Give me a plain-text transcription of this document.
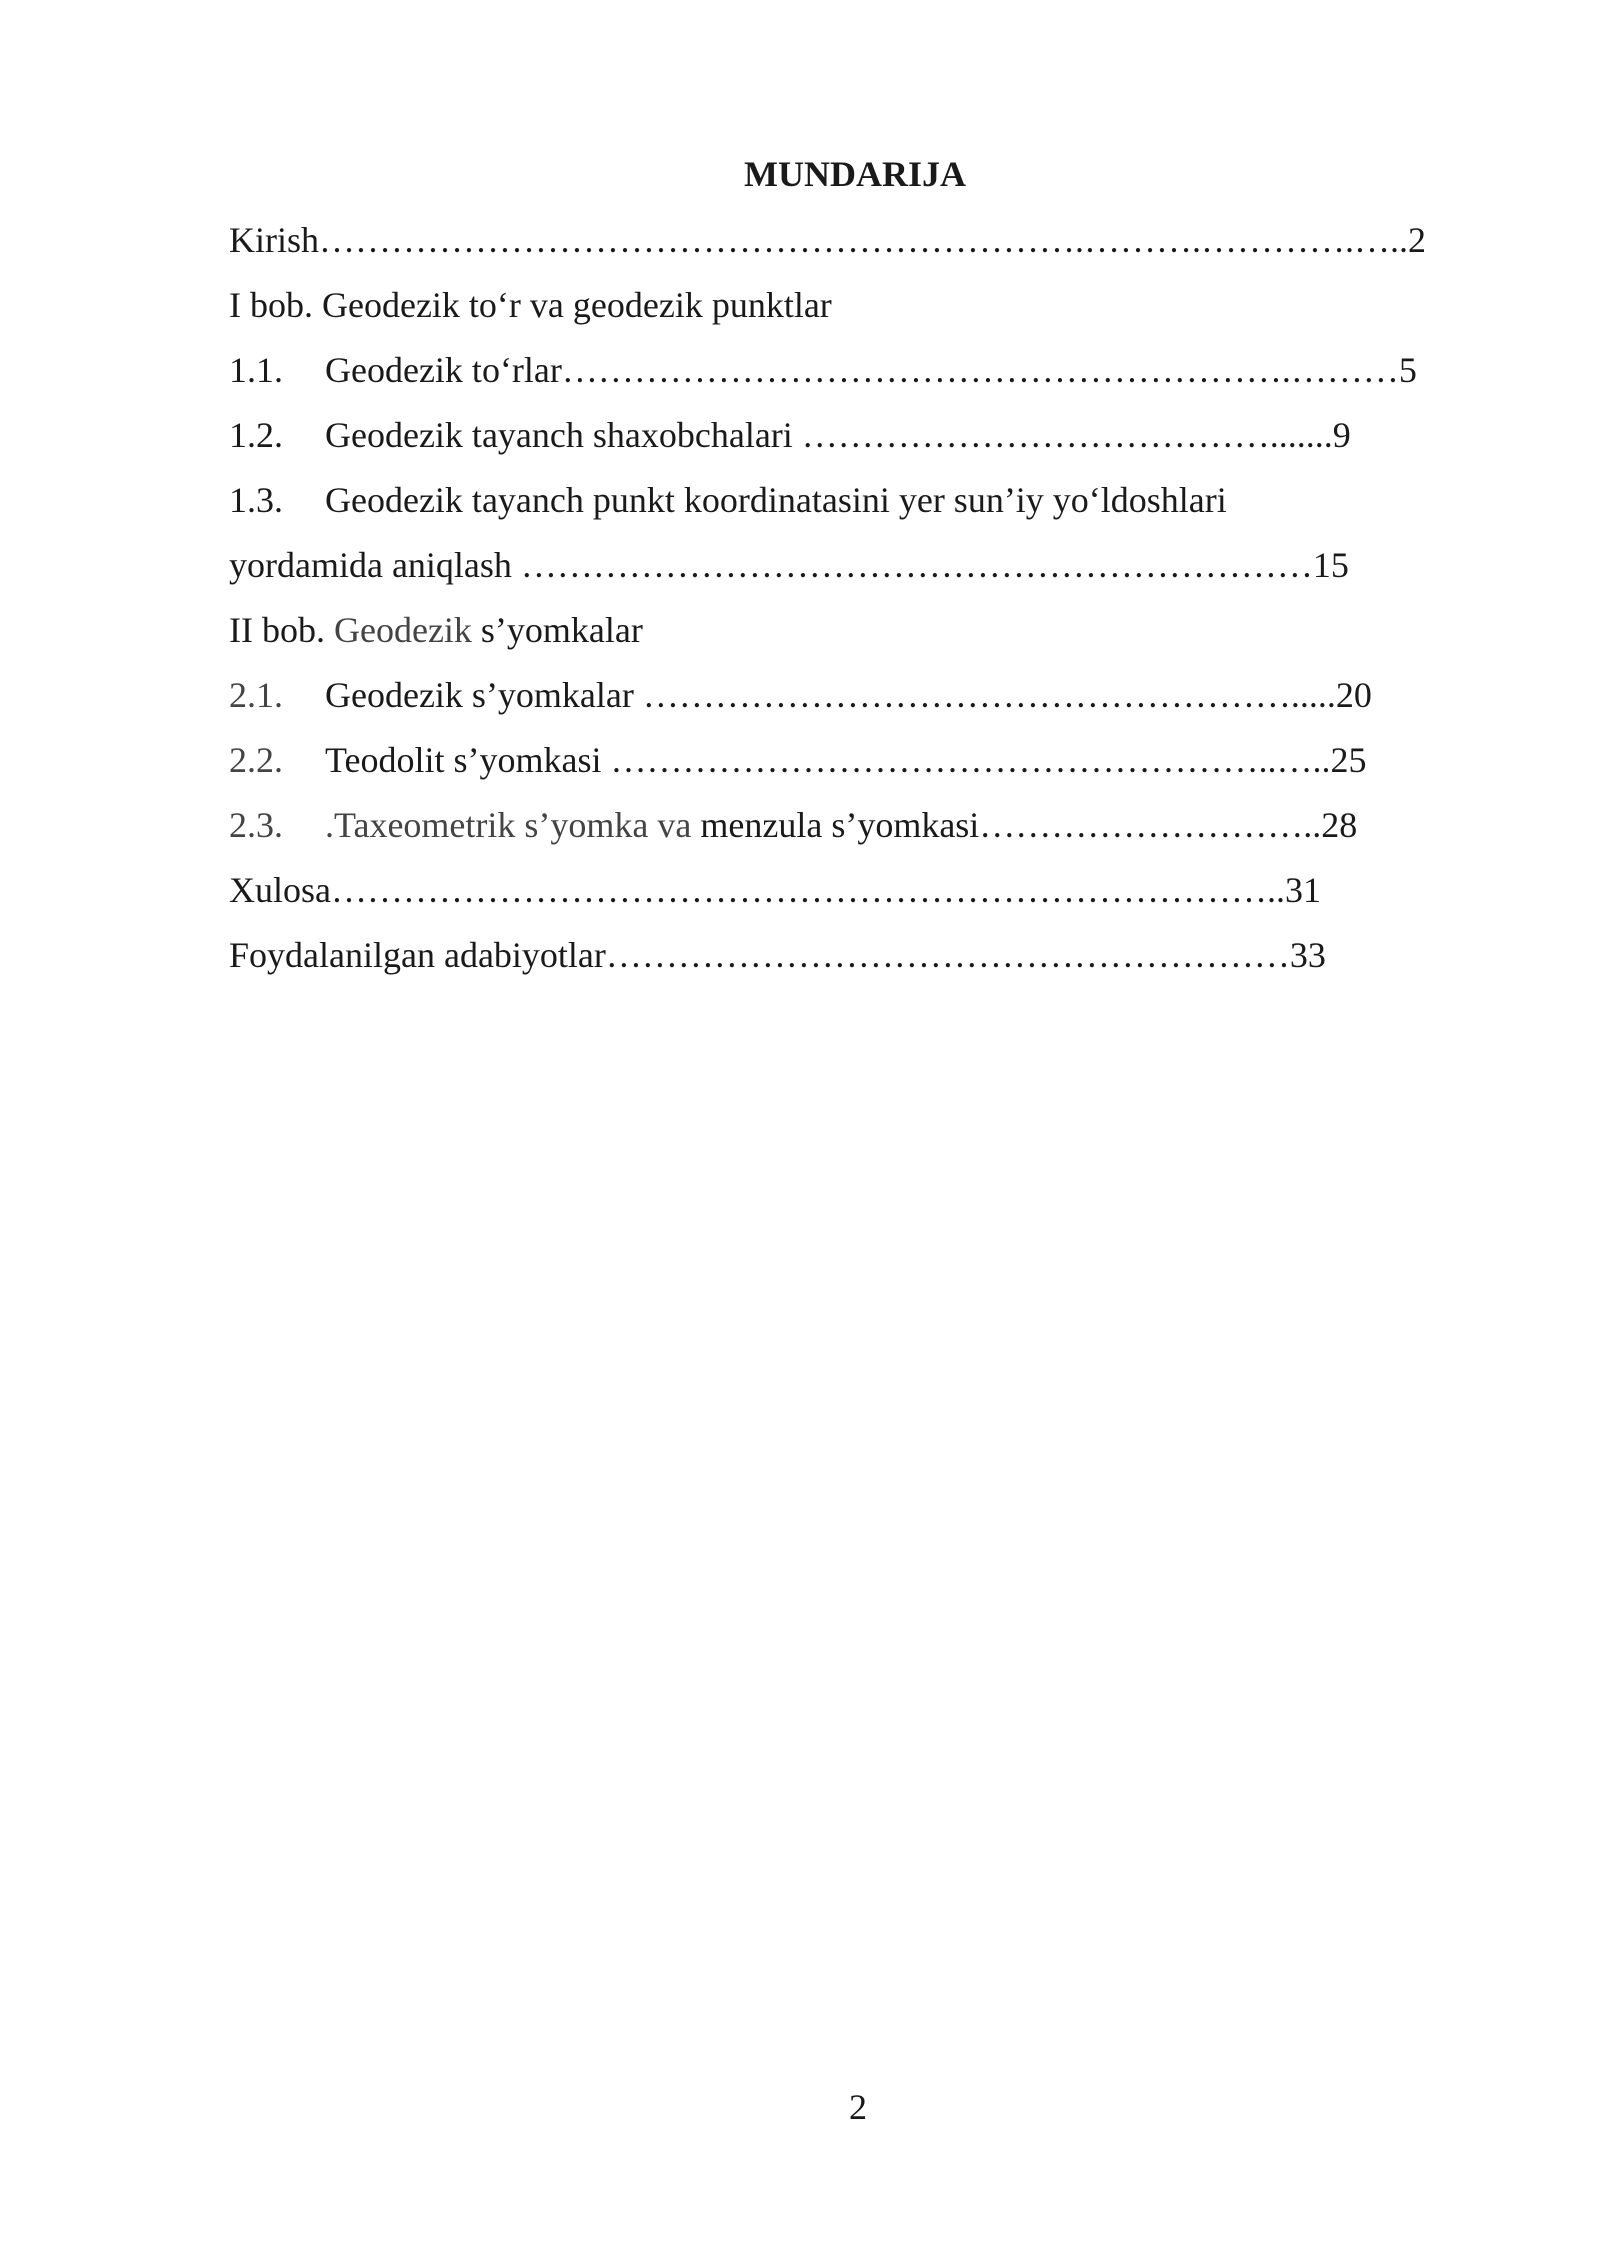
MUNDARIJA
Kirish……………………………………………………….……….………….…..2
I bob. Geodezik to‘r va geodezik punktlar
1.1. Geodezik to‘rlar…………………………………………………….………5
1.2. Geodezik tayanch shaxobchalari ………………………………….......9
1.3. Geodezik tayanch punkt koordinatasini yer sun’iy yo‘ldoshlari
yordamida aniqlash …………………………………………………………15
II bob. Geodezik s’yomkalar
2.1. Geodezik s’yomkalar ……………………………………………….....20
2.2. Teodolit s’yomkasi ………………………………………………..…..25
2.3. .Taxeometrik s’yomka va menzula s’yomkasi………………………..28
Xulosa……………………………………………………………………..31
Foydalanilgan adabiyotlar…………………………………………………33
2
